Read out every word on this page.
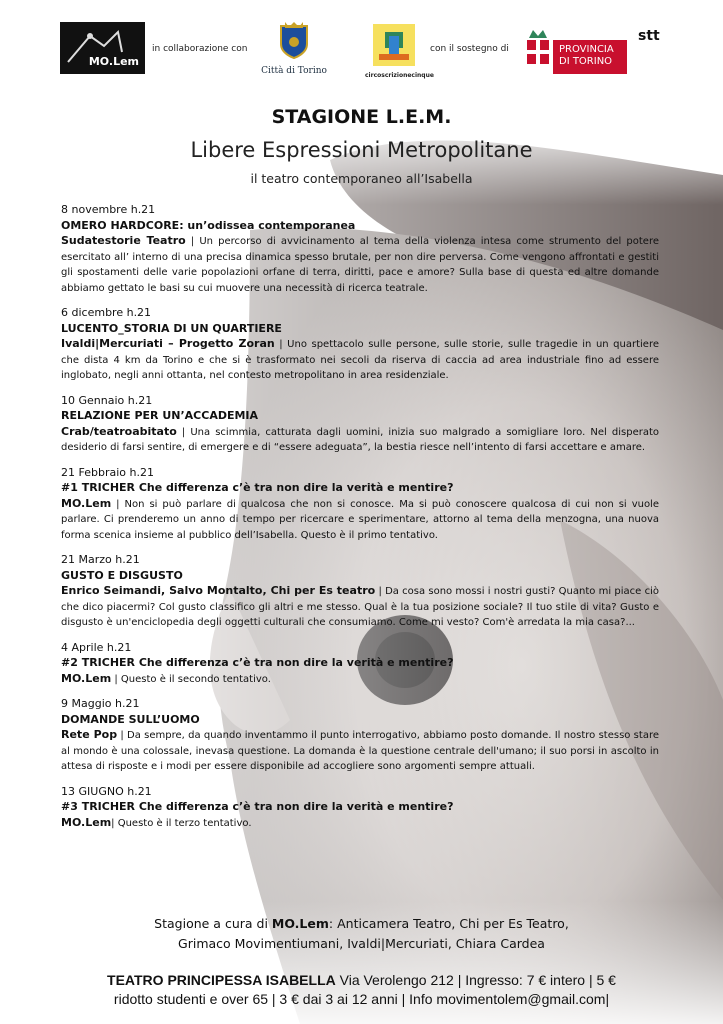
MO.Lem
in collaborazione con
Città di Torino	circoscrizionecinque
con il sostegno di	PROVINCIA
DI TORINO
stt
STAGIONE L.E.M.
Libere Espressioni Metropolitane
il teatro contemporaneo all’Isabella
8 novembre h.21
OMERO HARDCORE: un’odissea contemporanea

Sudatestorie Teatro | Un percorso di avvicinamento al tema della violenza intesa come strumento del potere esercitato all’ interno di una precisa dinamica spesso brutale, per non dire perversa. Come vengono affrontati e gestiti gli spostamenti delle varie popolazioni orfane di terra, diritti, pace e amore? Sulla base di questa ed altre domande abbiamo gettato le basi su cui muovere una necessità di ricerca teatrale.

6 dicembre h.21
LUCENTO_STORIA DI UN QUARTIERE

Ivaldi|Mercuriati – Progetto Zoran | Uno spettacolo sulle persone, sulle storie, sulle tragedie in un quartiere che dista 4 km da Torino e che si è trasformato nei secoli da riserva di caccia ad area industriale fino ad essere inglobato, negli anni ottanta, nel contesto metropolitano in area residenziale.

10 Gennaio h.21
RELAZIONE PER UN’ACCADEMIA

Crab/teatroabitato | Una scimmia, catturata dagli uomini, inizia suo malgrado a somigliare loro. Nel disperato desiderio di farsi sentire, di emergere e di “essere adeguata”, la bestia riesce nell’intento di farsi accettare e amare.

21 Febbraio h.21
#1 TRICHER Che differenza c’è tra non dire la verità e mentire?

MO.Lem | Non si può parlare di qualcosa che non si conosce. Ma si può conoscere qualcosa di cui non si vuole parlare. Ci prenderemo un anno di tempo per ricercare e sperimentare, attorno al tema della menzogna, una nuova forma scenica insieme al pubblico dell’Isabella. Questo è il primo tentativo.

21 Marzo h.21
GUSTO E DISGUSTO

Enrico Seimandi, Salvo Montalto, Chi per Es teatro | Da cosa sono mossi i nostri gusti? Quanto mi piace ciò che dico piacermi? Col gusto classifico gli altri e me stesso. Qual è la tua posizione sociale? Il tuo stile di vita? Gusto e disgusto è un'enciclopedia degli oggetti culturali che consumiamo. Come mi vesto? Com'è arredata la mia casa?...

4 Aprile h.21
#2 TRICHER Che differenza c’è tra non dire la verità e mentire?

MO.Lem | Questo è il secondo tentativo.

9 Maggio h.21
DOMANDE SULL’UOMO

Rete Pop | Da sempre, da quando inventammo il punto interrogativo, abbiamo posto domande. Il nostro stesso stare al mondo è una colossale, inevasa questione. La domanda è la questione centrale dell'umano; il suo porsi in ascolto in attesa di risposte e i modi per essere disponibile ad accogliere sono argomenti sempre attuali.

13 GIUGNO h.21
#3 TRICHER Che differenza c’è tra non dire la verità e mentire?

MO.Lem| Questo è il terzo tentativo.

Stagione a cura di MO.Lem: Anticamera Teatro, Chi per Es Teatro,
Grimaco Movimentiumani, Ivaldi|Mercuriati, Chiara Cardea
TEATRO PRINCIPESSA ISABELLA Via Verolengo 212 | Ingresso: 7 € intero | 5 €
ridotto studenti e over 65 | 3 € dai 3 ai 12 anni | Info movimentolem@gmail.com|
